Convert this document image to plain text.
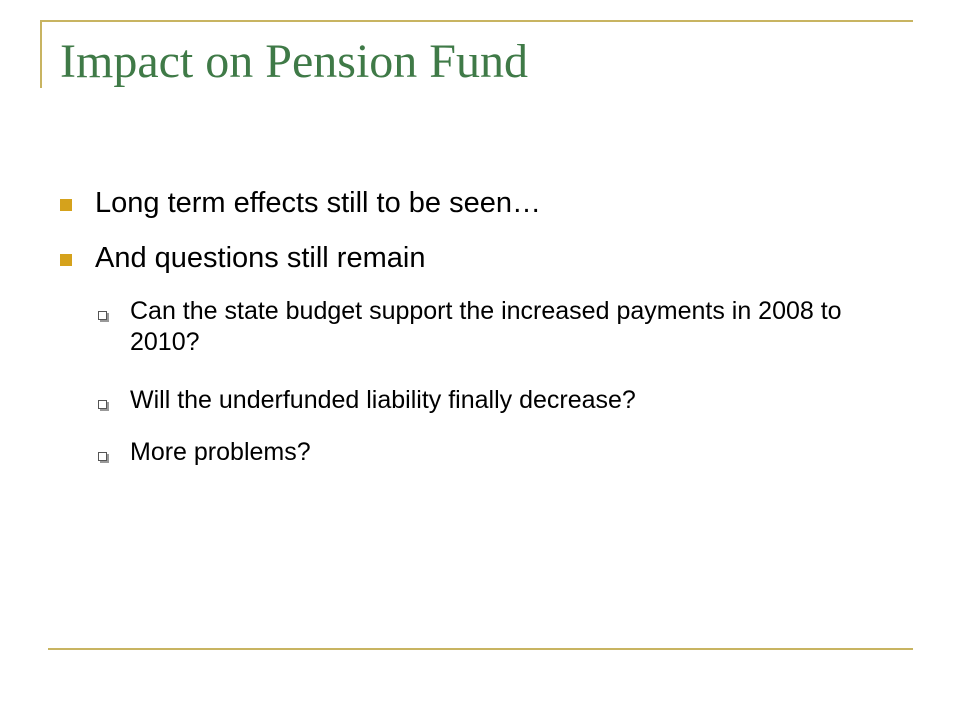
Impact on Pension Fund
Long term effects still to be seen…
And questions still remain
Can the state budget support the increased payments in 2008 to 2010?
Will the underfunded liability finally decrease?
More problems?
